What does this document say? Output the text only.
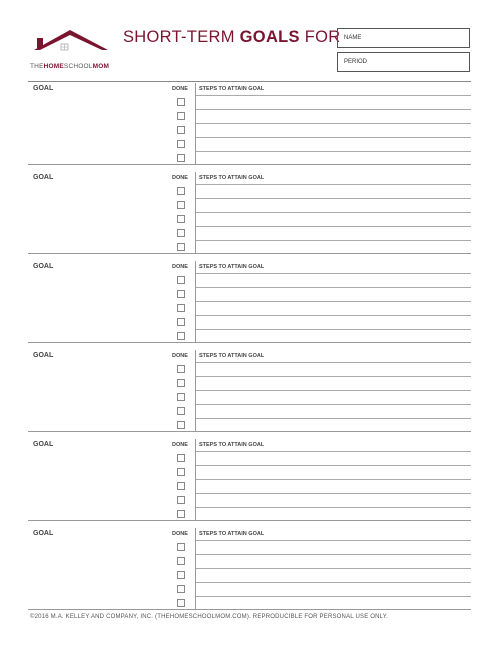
THEHOMESCHOOLMOM
SHORT-TERM GOALS FOR NAME
PERIOD
GOAL	DONE STEPS TO ATTAIN GOAL
GOAL	DONE STEPS TO ATTAIN GOAL
GOAL	DONE STEPS TO ATTAIN GOAL
GOAL	DONE STEPS TO ATTAIN GOAL
GOAL	DONE STEPS TO ATTAIN GOAL
GOAL	DONE STEPS TO ATTAIN GOAL
©2016 M.A. KELLEY AND COMPANY, INC. (THEHOMESCHOOLMOM.COM). REPRODUCIBLE FOR PERSONAL USE ONLY.
